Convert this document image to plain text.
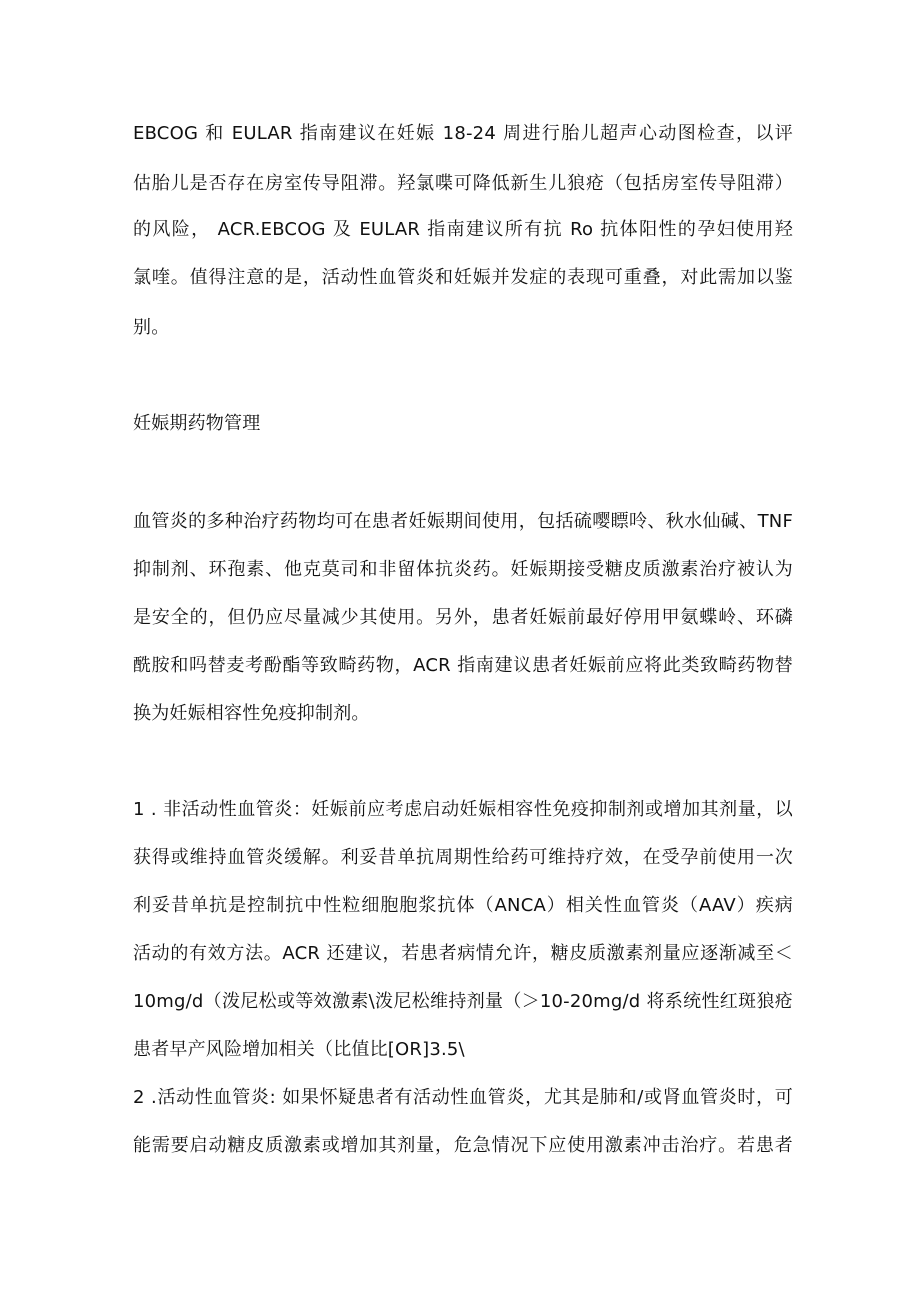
EBCOG 和 EULAR 指南建议在妊娠 18-24 周进行胎儿超声心动图检查，以评
估胎儿是否存在房室传导阻滞。羟氯喋可降低新生儿狼疮（包括房室传导阻滞）
的风险， ACR.EBCOG 及 EULAR 指南建议所有抗 Ro 抗体阳性的孕妇使用羟
氯喹。值得注意的是，活动性血管炎和妊娠并发症的表现可重叠，对此需加以鉴
别。
妊娠期药物管理
血管炎的多种治疗药物均可在患者妊娠期间使用，包括硫嘤瞟呤、秋水仙碱、TNF
抑制剂、环孢素、他克莫司和非留体抗炎药。妊娠期接受糖皮质激素治疗被认为
是安全的，但仍应尽量减少其使用。另外，患者妊娠前最好停用甲氨蝶岭、环磷
酰胺和吗替麦考酚酯等致畸药物，ACR 指南建议患者妊娠前应将此类致畸药物替
换为妊娠相容性免疫抑制剂。
1 . 非活动性血管炎：妊娠前应考虑启动妊娠相容性免疫抑制剂或增加其剂量，以
获得或维持血管炎缓解。利妥昔单抗周期性给药可维持疗效，在受孕前使用一次
利妥昔单抗是控制抗中性粒细胞胞浆抗体（ANCA）相关性血管炎（AAV）疾病
活动的有效方法。ACR 还建议，若患者病情允许，糖皮质激素剂量应逐渐减至＜
10mg∕d（泼尼松或等效激素\泼尼松维持剂量（＞10-20mg∕d 将系统性红斑狼疮
患者早产风险增加相关（比值比[OR]3.5\
2 .活动性血管炎: 如果怀疑患者有活动性血管炎，尤其是肺和/或肾血管炎时，可
能需要启动糖皮质激素或增加其剂量，危急情况下应使用激素冲击治疗。若患者
